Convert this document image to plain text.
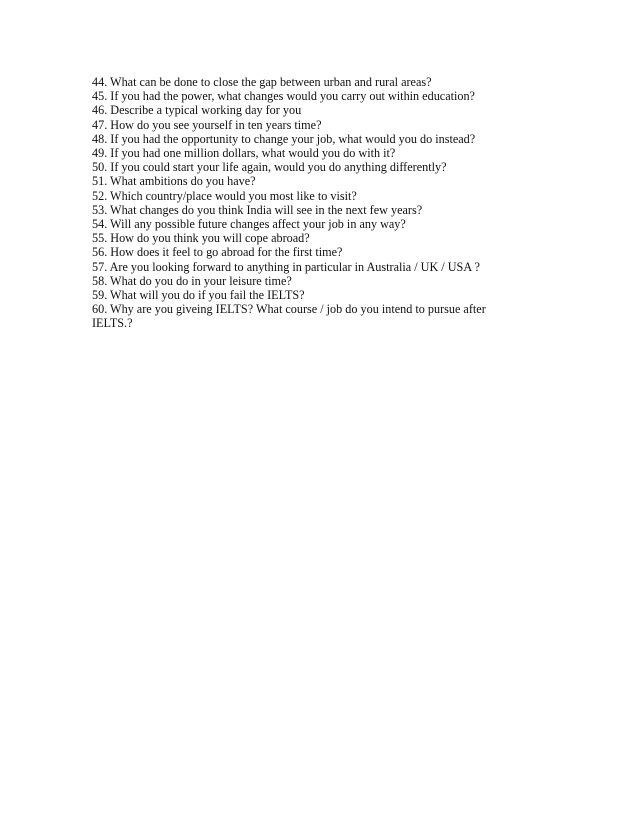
44. What can be done to close the gap between urban and rural areas?
45. If you had the power, what changes would you carry out within education?
46. Describe a typical working day for you
47. How do you see yourself in ten years time?
48. If you had the opportunity to change your job, what would you do instead?
49. If you had one million dollars, what would you do with it?
50. If you could start your life again, would you do anything differently?
51. What ambitions do you have?
52. Which country/place would you most like to visit?
53. What changes do you think India will see in the next few years?
54. Will any possible future changes affect your job in any way?
55. How do you think you will cope abroad?
56. How does it feel to go abroad for the first time?
57. Are you looking forward to anything in particular in Australia / UK / USA ?
58. What do you do in your leisure time?
59. What will you do if you fail the IELTS?
60. Why are you giveing IELTS? What course / job do you intend to pursue after IELTS.?
